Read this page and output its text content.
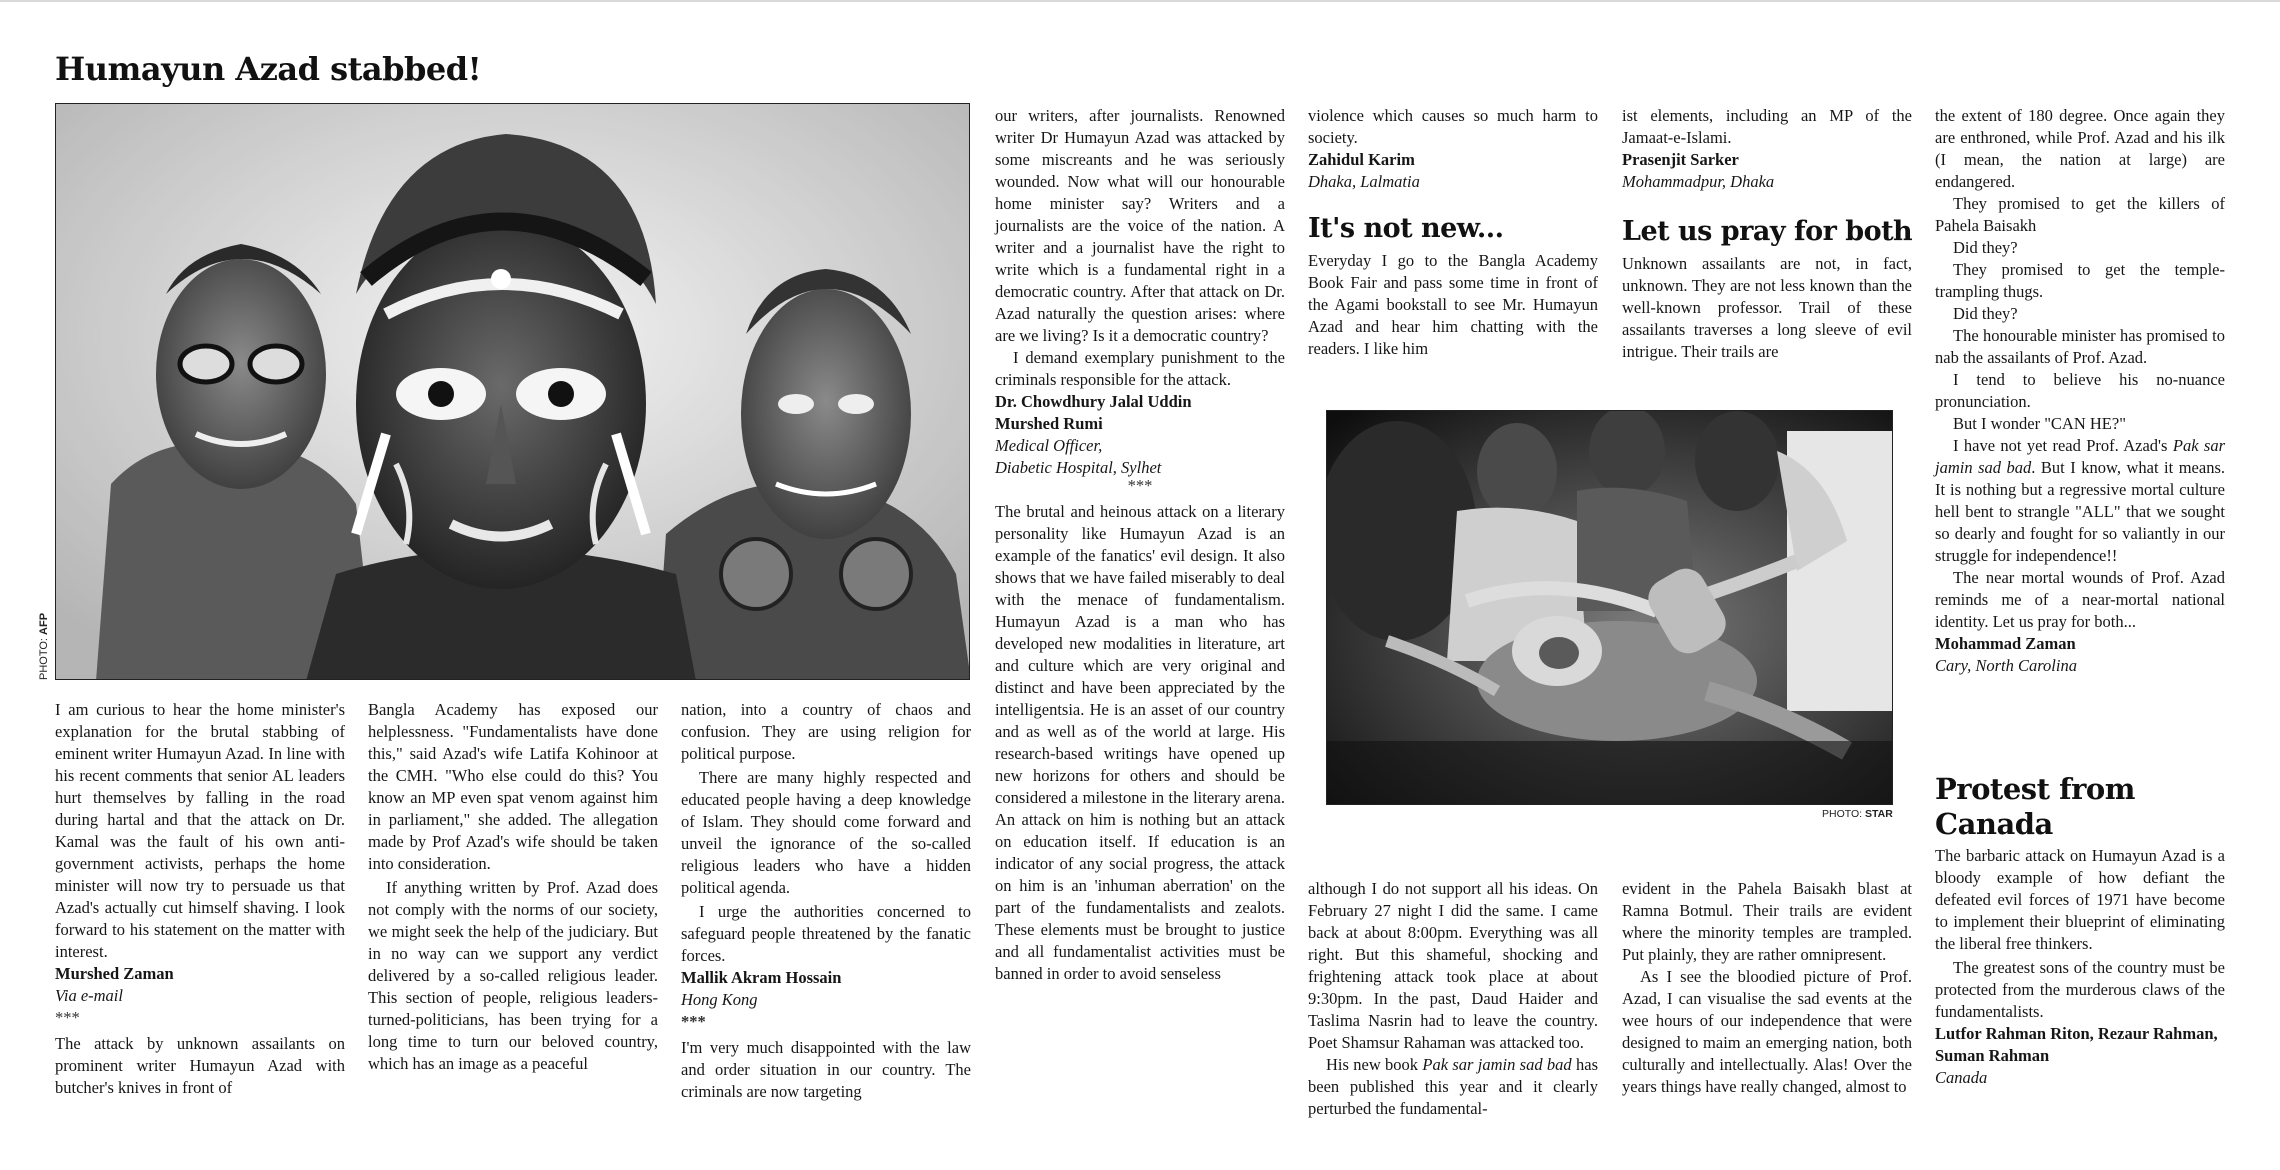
Humayun Azad stabbed!
PHOTO: AFP

I am curious to hear the home minister's explanation for the brutal stabbing of eminent writer Humayun Azad. In line with his recent comments that senior AL leaders hurt themselves by falling in the road during hartal and that the attack on Dr. Kamal was the fault of his own anti-government activists, perhaps the home minister will now try to persuade us that Azad's actually cut himself shaving. I look forward to his statement on the matter with interest.

Murshed Zaman
Via e-mail
***

The attack by unknown assailants on prominent writer Humayun Azad with butcher's knives in front of

Bangla Academy has exposed our helplessness. "Fundamentalists have done this," said Azad's wife Latifa Kohinoor at the CMH. "Who else could do this? You know an MP even spat venom against him in parliament," she added. The allegation made by Prof Azad's wife should be taken into consideration.

If anything written by Prof. Azad does not comply with the norms of our society, we might seek the help of the judiciary. But in no way can we support any verdict delivered by a so-called religious leader. This section of people, religious leaders-turned-politicians, has been trying for a long time to turn our beloved country, which has an image as a peaceful

nation, into a country of chaos and confusion. They are using religion for political purpose.

There are many highly respected and educated people having a deep knowledge of Islam. They should come forward and unveil the ignorance of the so-called religious leaders who have a hidden political agenda.

I urge the authorities concerned to safeguard people threatened by the fanatic forces.

Mallik Akram Hossain
Hong Kong
***

I'm very much disappointed with the law and order situation in our country. The criminals are now targeting

our writers, after journalists. Renowned writer Dr Humayun Azad was attacked by some miscreants and he was seriously wounded. Now what will our honourable home minister say? Writers and a journalists are the voice of the nation. A writer and a journalist have the right to write which is a fundamental right in a democratic country. After that attack on Dr. Azad naturally the question arises: where are we living? Is it a democratic country?

I demand exemplary punishment to the criminals responsible for the attack.

Dr. Chowdhury Jalal Uddin
Murshed Rumi
Medical Officer,
Diabetic Hospital, Sylhet
***

The brutal and heinous attack on a literary personality like Humayun Azad is an example of the fanatics' evil design. It also shows that we have failed miserably to deal with the menace of fundamentalism. Humayun Azad is a man who has developed new modalities in literature, art and culture which are very original and distinct and have been appreciated by the intelligentsia. He is an asset of our country and as well as of the world at large. His research-based writings have opened up new horizons for others and should be considered a milestone in the literary arena. An attack on him is nothing but an attack on education itself. If education is an indicator of any social progress, the attack on him is an 'inhuman aberration' on the part of the fundamentalists and zealots. These elements must be brought to justice and all fundamentalist activities must be banned in order to avoid senseless

violence which causes so much harm to society.

Zahidul Karim
Dhaka, Lalmatia
It's not new...

Everyday I go to the Bangla Academy Book Fair and pass some time in front of the Agami bookstall to see Mr. Humayun Azad and hear him chatting with the readers. I like him

ist elements, including an MP of the Jamaat-e-Islami.

Prasenjit Sarker
Mohammadpur, Dhaka
Let us pray for both

Unknown assailants are not, in fact, unknown. They are not less known than the well-known professor. Trail of these assailants traverses a long sleeve of evil intrigue. Their trails are

PHOTO: STAR

although I do not support all his ideas. On February 27 night I did the same. I came back at about 8:00pm. Everything was all right. But this shameful, shocking and frightening attack took place at about 9:30pm. In the past, Daud Haider and Taslima Nasrin had to leave the country. Poet Shamsur Rahaman was attacked too.

His new book Pak sar jamin sad bad has been published this year and it clearly perturbed the fundamental-

evident in the Pahela Baisakh blast at Ramna Botmul. Their trails are evident where the minority temples are trampled. Put plainly, they are rather omnipresent.

As I see the bloodied picture of Prof. Azad, I can visualise the sad events at the wee hours of our independence that were designed to maim an emerging nation, both culturally and intellectually. Alas! Over the years things have really changed, almost to

the extent of 180 degree. Once again they are enthroned, while Prof. Azad and his ilk (I mean, the nation at large) are endangered.

They promised to get the killers of Pahela Baisakh

Did they?

They promised to get the temple-trampling thugs.

Did they?

The honourable minister has promised to nab the assailants of Prof. Azad.

I tend to believe his no-nuance pronunciation.

But I wonder "CAN HE?"

I have not yet read Prof. Azad's Pak sar jamin sad bad. But I know, what it means. It is nothing but a regressive mortal culture hell bent to strangle "ALL" that we sought so dearly and fought for so valiantly in our struggle for independence!!

The near mortal wounds of Prof. Azad reminds me of a near-mortal national identity. Let us pray for both...

Mohammad Zaman
Cary, North Carolina
Protest from Canada

The barbaric attack on Humayun Azad is a bloody example of how defiant the defeated evil forces of 1971 have become to implement their blueprint of eliminating the liberal free thinkers.

The greatest sons of the country must be protected from the murderous claws of the fundamentalists.

Lutfor Rahman Riton, Rezaur Rahman, Suman Rahman
Canada
